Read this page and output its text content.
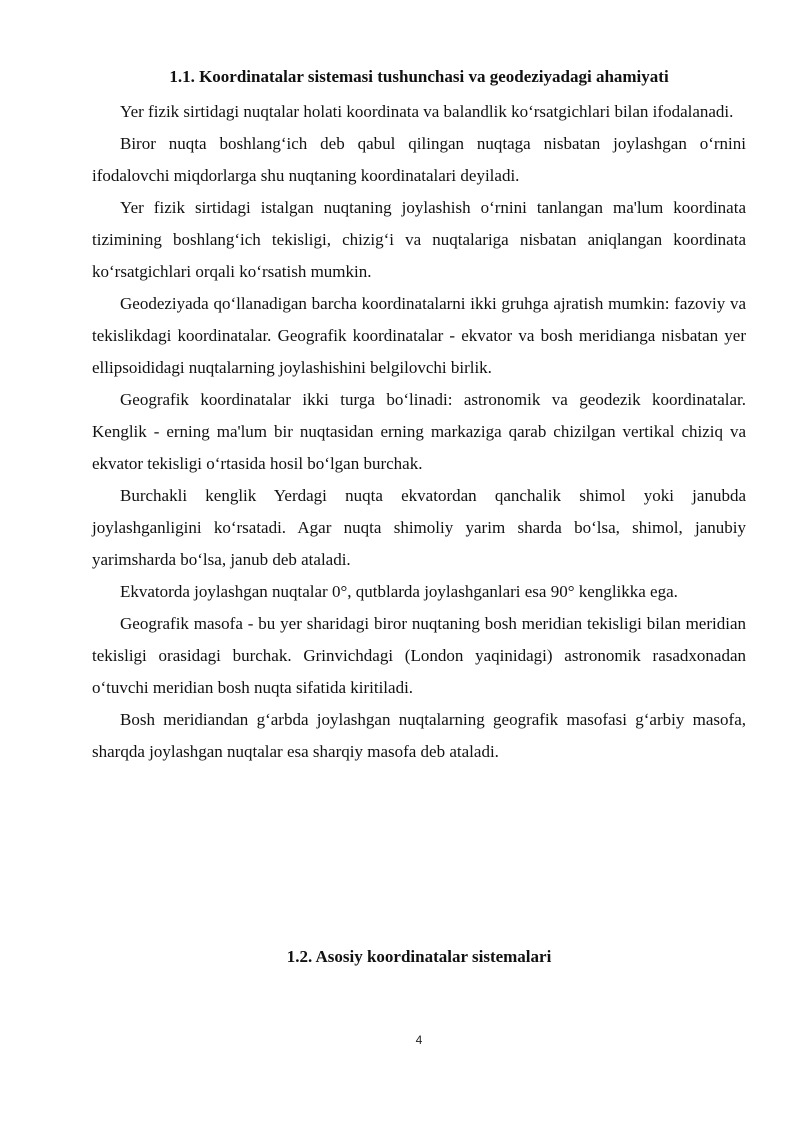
1.1. Koordinatalar sistemasi tushunchasi va geodeziyadagi ahamiyati

Yer fizik sirtidagi nuqtalar holati koordinata va balandlik ko‘rsatgichlari bilan ifodalanadi.

Biror nuqta boshlang‘ich deb qabul qilingan nuqtaga nisbatan joylashgan o‘rnini ifodalovchi miqdorlarga shu nuqtaning koordinatalari deyiladi.

Yer fizik sirtidagi istalgan nuqtaning joylashish o‘rnini tanlangan ma'lum koordinata tizimining boshlang‘ich tekisligi, chizig‘i va nuqtalariga nisbatan aniqlangan koordinata ko‘rsatgichlari orqali ko‘rsatish mumkin.

Geodeziyada qo‘llanadigan barcha koordinatalarni ikki gruhga ajratish mumkin: fazoviy va tekislikdagi koordinatalar. Geografik koordinatalar - ekvator va bosh meridianga nisbatan yer ellipsoididagi nuqtalarning joylashishini belgilovchi birlik.

Geografik koordinatalar ikki turga bo‘linadi: astronomik va geodezik koordinatalar. Kenglik - erning ma'lum bir nuqtasidan erning markaziga qarab chizilgan vertikal chiziq va ekvator tekisligi o‘rtasida hosil bo‘lgan burchak.

Burchakli kenglik Yerdagi nuqta ekvatordan qanchalik shimol yoki janubda joylashganligini ko‘rsatadi. Agar nuqta shimoliy yarim sharda bo‘lsa, shimol, janubiy yarimsharda bo‘lsa, janub deb ataladi.

Ekvatorda joylashgan nuqtalar 0°, qutblarda joylashganlari esa 90° kenglikka ega.

Geografik masofa - bu yer sharidagi biror nuqtaning bosh meridian tekisligi bilan meridian tekisligi orasidagi burchak. Grinvichdagi (London yaqinidagi) astronomik rasadxonadan o‘tuvchi meridian bosh nuqta sifatida kiritiladi.

Bosh meridiandan g‘arbda joylashgan nuqtalarning geografik masofasi g‘arbiy masofa, sharqda joylashgan nuqtalar esa sharqiy masofa deb ataladi.

1.2. Asosiy koordinatalar sistemalari
4
